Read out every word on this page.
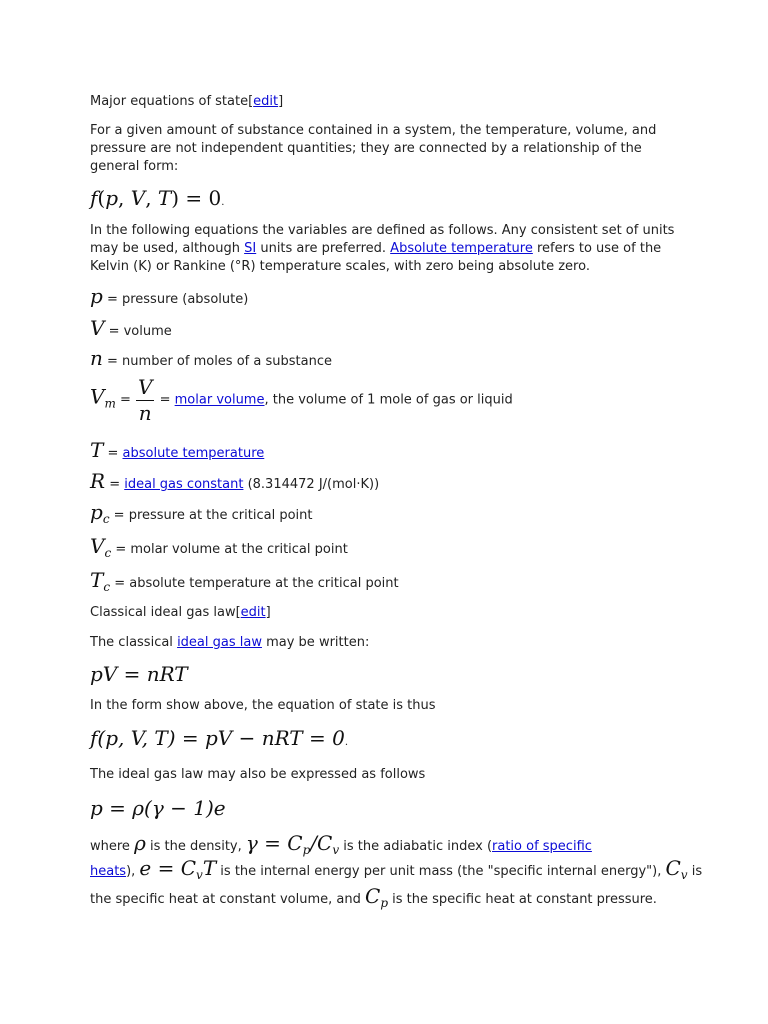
Major equations of state[edit]

For a given amount of substance contained in a system, the temperature, volume, and pressure are not independent quantities; they are connected by a relationship of the general form:

f(p, V, T) = 0.

In the following equations the variables are defined as follows. Any consistent set of units may be used, although SI units are preferred. Absolute temperature refers to use of the Kelvin (K) or Rankine (°R) temperature scales, with zero being absolute zero.

p = pressure (absolute)
V = volume
n = number of moles of a substance
$V_m = \frac{V}{n}$ = molar volume, the volume of 1 mole of gas or liquid
T = absolute temperature
R = ideal gas constant (8.314472 J/(mol·K))
$p_c$ = pressure at the critical point
$V_c$ = molar volume at the critical point
$T_c$ = absolute temperature at the critical point

Classical ideal gas law[edit]

The classical ideal gas law may be written:

pV = nRT

In the form show above, the equation of state is thus

f(p, V, T) = pV − nRT = 0.

The ideal gas law may also be expressed as follows

p = ρ(γ − 1)e
where ρ is the density, $\gamma = C_p/C_v$ is the adiabatic index (ratio of specific
heats), $e = C_vT$ is the internal energy per unit mass (the "specific internal energy"), $C_v$ is
the specific heat at constant volume, and $C_p$ is the specific heat at constant pressure.
